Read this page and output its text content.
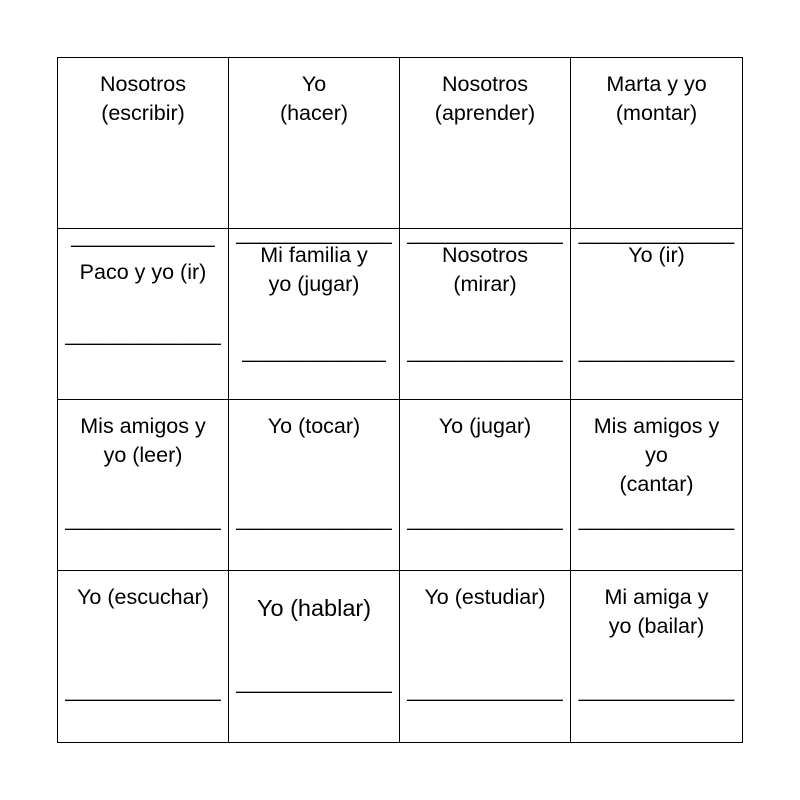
Nosotros
(escribir)
____________
Yo
(hacer)
_____________
Nosotros
(aprender)
_____________
Marta y yo
(montar)
_____________
Paco y yo (ir)
_____________
Mi familia y
yo (jugar)
____________
Nosotros
(mirar)
_____________
Yo (ir)
_____________
Mis amigos y
yo (leer)
_____________
Yo (tocar)
_____________
Yo (jugar)
_____________
Mis amigos y
yo
(cantar)
_____________
Yo (escuchar)
_____________
Yo (hablar)
_____________
Yo (estudiar)
_____________
Mi amiga y
yo (bailar)
_____________
